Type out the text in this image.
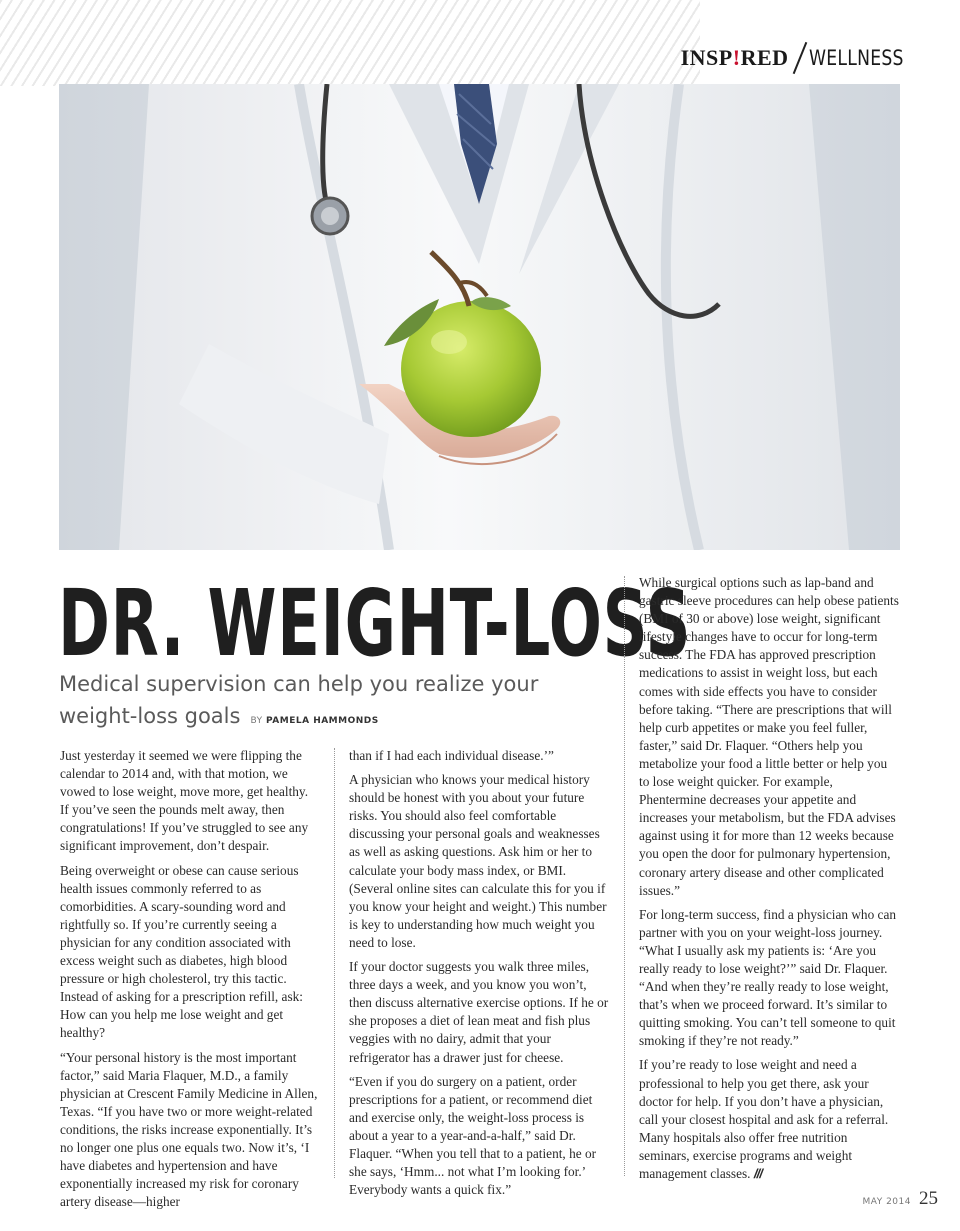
INSP!RED WELLNESS
DR. WEIGHT-LOSS
Medical supervision can help you realize your
weight-loss goals BY PAMELA HAMMONDS

Just yesterday it seemed we were flipping the calendar to 2014 and, with that motion, we vowed to lose weight, move more, get healthy. If you’ve seen the pounds melt away, then congratulations! If you’ve struggled to see any significant improvement, don’t despair.

Being overweight or obese can cause serious health issues commonly referred to as comorbidities. A scary-sounding word and rightfully so. If you’re currently seeing a physician for any condition associated with excess weight such as diabetes, high blood pressure or high cholesterol, try this tactic. Instead of asking for a prescription refill, ask: How can you help me lose weight and get healthy?

“Your personal history is the most important factor,” said Maria Flaquer, M.D., a family physician at Crescent Family Medicine in Allen, Texas. “If you have two or more weight-related conditions, the risks increase exponentially. It’s no longer one plus one equals two. Now it’s, ‘I have diabetes and hypertension and have exponentially increased my risk for coronary artery disease—higher

than if I had each individual disease.’”

A physician who knows your medical history should be honest with you about your future risks. You should also feel comfortable discussing your personal goals and weaknesses as well as asking questions. Ask him or her to calculate your body mass index, or BMI. (Several online sites can calculate this for you if you know your height and weight.) This number is key to understanding how much weight you need to lose.

If your doctor suggests you walk three miles, three days a week, and you know you won’t, then discuss alternative exercise options. If he or she proposes a diet of lean meat and fish plus veggies with no dairy, admit that your refrigerator has a drawer just for cheese.

“Even if you do surgery on a patient, order prescriptions for a patient, or recommend diet and exercise only, the weight-loss process is about a year to a year-and-a-half,” said Dr. Flaquer. “When you tell that to a patient, he or she says, ‘Hmm... not what I’m looking for.’ Everybody wants a quick fix.”

While surgical options such as lap-band and gastric sleeve procedures can help obese patients (BMI of 30 or above) lose weight, significant lifestyle changes have to occur for long-term success. The FDA has approved prescription medications to assist in weight loss, but each comes with side effects you have to consider before taking. “There are prescriptions that will help curb appetites or make you feel fuller, faster,” said Dr. Flaquer. “Others help you metabolize your food a little better or help you to lose weight quicker. For example, Phentermine decreases your appetite and increases your metabolism, but the FDA advises against using it for more than 12 weeks because you open the door for pulmonary hypertension, coronary artery disease and other complicated issues.”

For long-term success, find a physician who can partner with you on your weight-loss journey. “What I usually ask my patients is: ‘Are you really ready to lose weight?’” said Dr. Flaquer. “And when they’re really ready to lose weight, that’s when we proceed forward. It’s similar to quitting smoking. You can’t tell someone to quit smoking if they’re not ready.”

If you’re ready to lose weight and need a professional to help you get there, ask your doctor for help. If you don’t have a physician, call your closest hospital and ask for a referral. Many hospitals also offer free nutrition seminars, exercise programs and weight management classes. ///

MAY 2014 25
